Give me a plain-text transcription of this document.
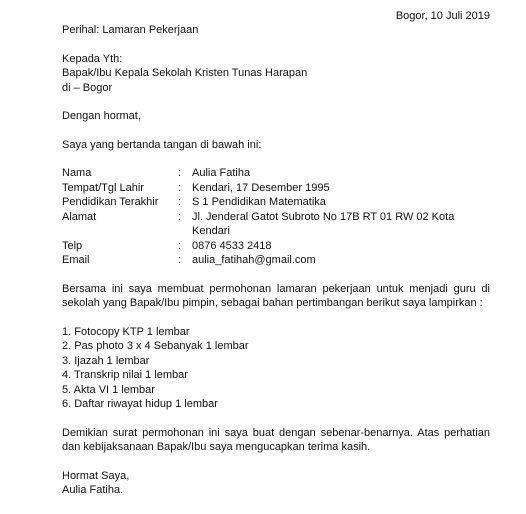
Bogor, 10 Juli 2019

Perihal: Lamaran Pekerjaan

Kepada Yth:

Bapak/Ibu Kepala Sekolah Kristen Tunas Harapan

di – Bogor

Dengan hormat,

Saya yang bertanda tangan di bawah ini:

Nama	: Aulia Fatiha
Tempat/Tgl Lahir	: Kendari, 17 Desember 1995
Pendidikan Terakhir	: S 1 Pendidikan Matematika
Alamat	: Jl. Jenderal Gatot Subroto No 17B RT 01 RW 02 Kota Kendari
Telp	: 0876 4533 2418
Email	: aulia_fatihah@gmail.com

Bersama ini saya membuat permohonan lamaran pekerjaan untuk menjadi guru di sekolah yang Bapak/Ibu pimpin, sebagai bahan pertimbangan berikut saya lampirkan :

1. Fotocopy KTP 1 lembar
2. Pas photo 3 x 4 Sebanyak 1 lembar
3. Ijazah 1 lembar
4. Transkrip nilai 1 lembar
5. Akta VI 1 lembar
6. Daftar riwayat hidup 1 lembar

Demikian surat permohonan ini saya buat dengan sebenar-benarnya. Atas perhatian dan kebijaksanaan Bapak/Ibu saya mengucapkan terima kasih.

Hormat Saya,

Aulia Fatiha.
